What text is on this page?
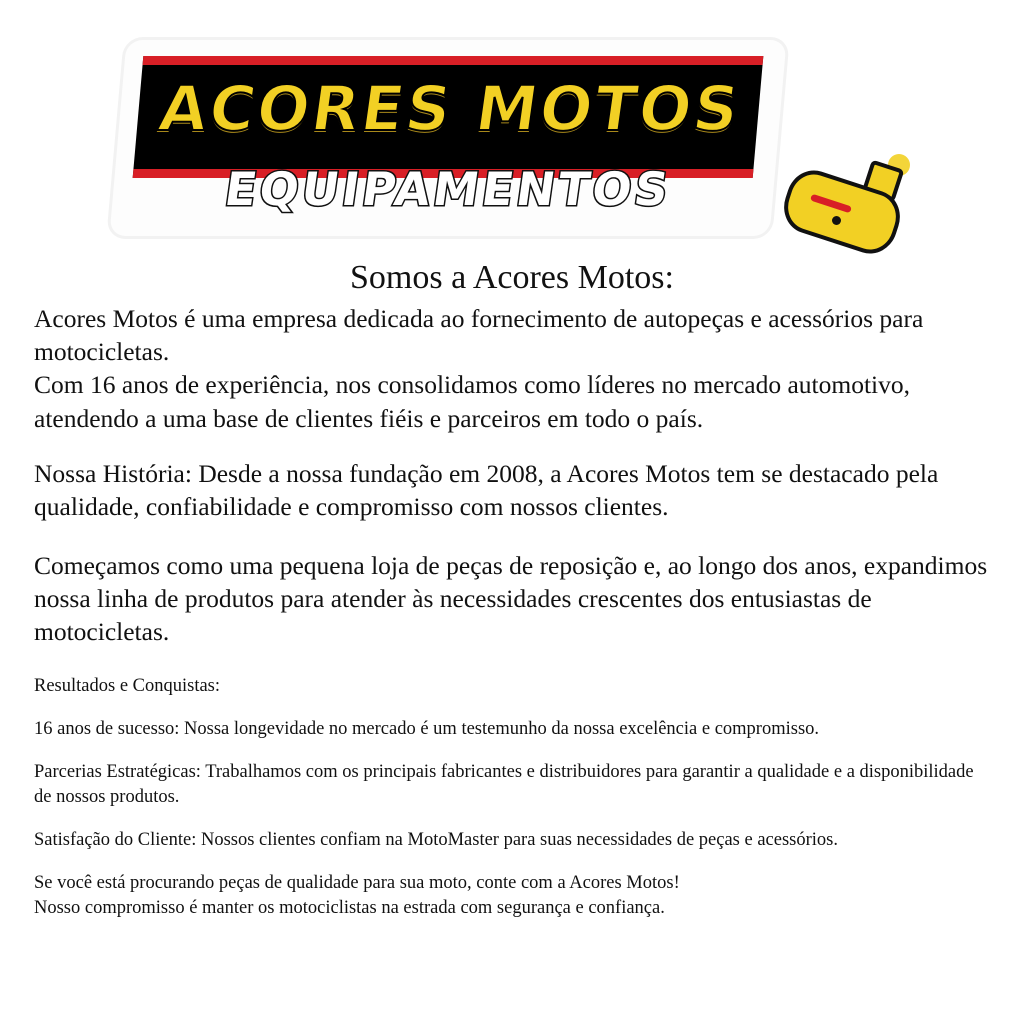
ACORES MOTOS
EQUIPAMENTOS
Somos a Acores Motos:

Acores Motos é uma empresa dedicada ao fornecimento de autopeças e acessórios para motocicletas.

Com 16 anos de experiência, nos consolidamos como líderes no mercado automotivo, atendendo a uma base de clientes fiéis e parceiros em todo o país.

Nossa História: Desde a nossa fundação em 2008, a Acores Motos tem se destacado pela qualidade, confiabilidade e compromisso com nossos clientes.

Começamos como uma pequena loja de peças de reposição e, ao longo dos anos, expandimos nossa linha de produtos para atender às necessidades crescentes dos entusiastas de motocicletas.

Resultados e Conquistas:

16 anos de sucesso: Nossa longevidade no mercado é um testemunho da nossa excelência e compromisso.

Parcerias Estratégicas: Trabalhamos com os principais fabricantes e distribuidores para garantir a qualidade e a disponibilidade de nossos produtos.

Satisfação do Cliente: Nossos clientes confiam na MotoMaster para suas necessidades de peças e acessórios.

Se você está procurando peças de qualidade para sua moto, conte com a Acores Motos!

Nosso compromisso é manter os motociclistas na estrada com segurança e confiança.
